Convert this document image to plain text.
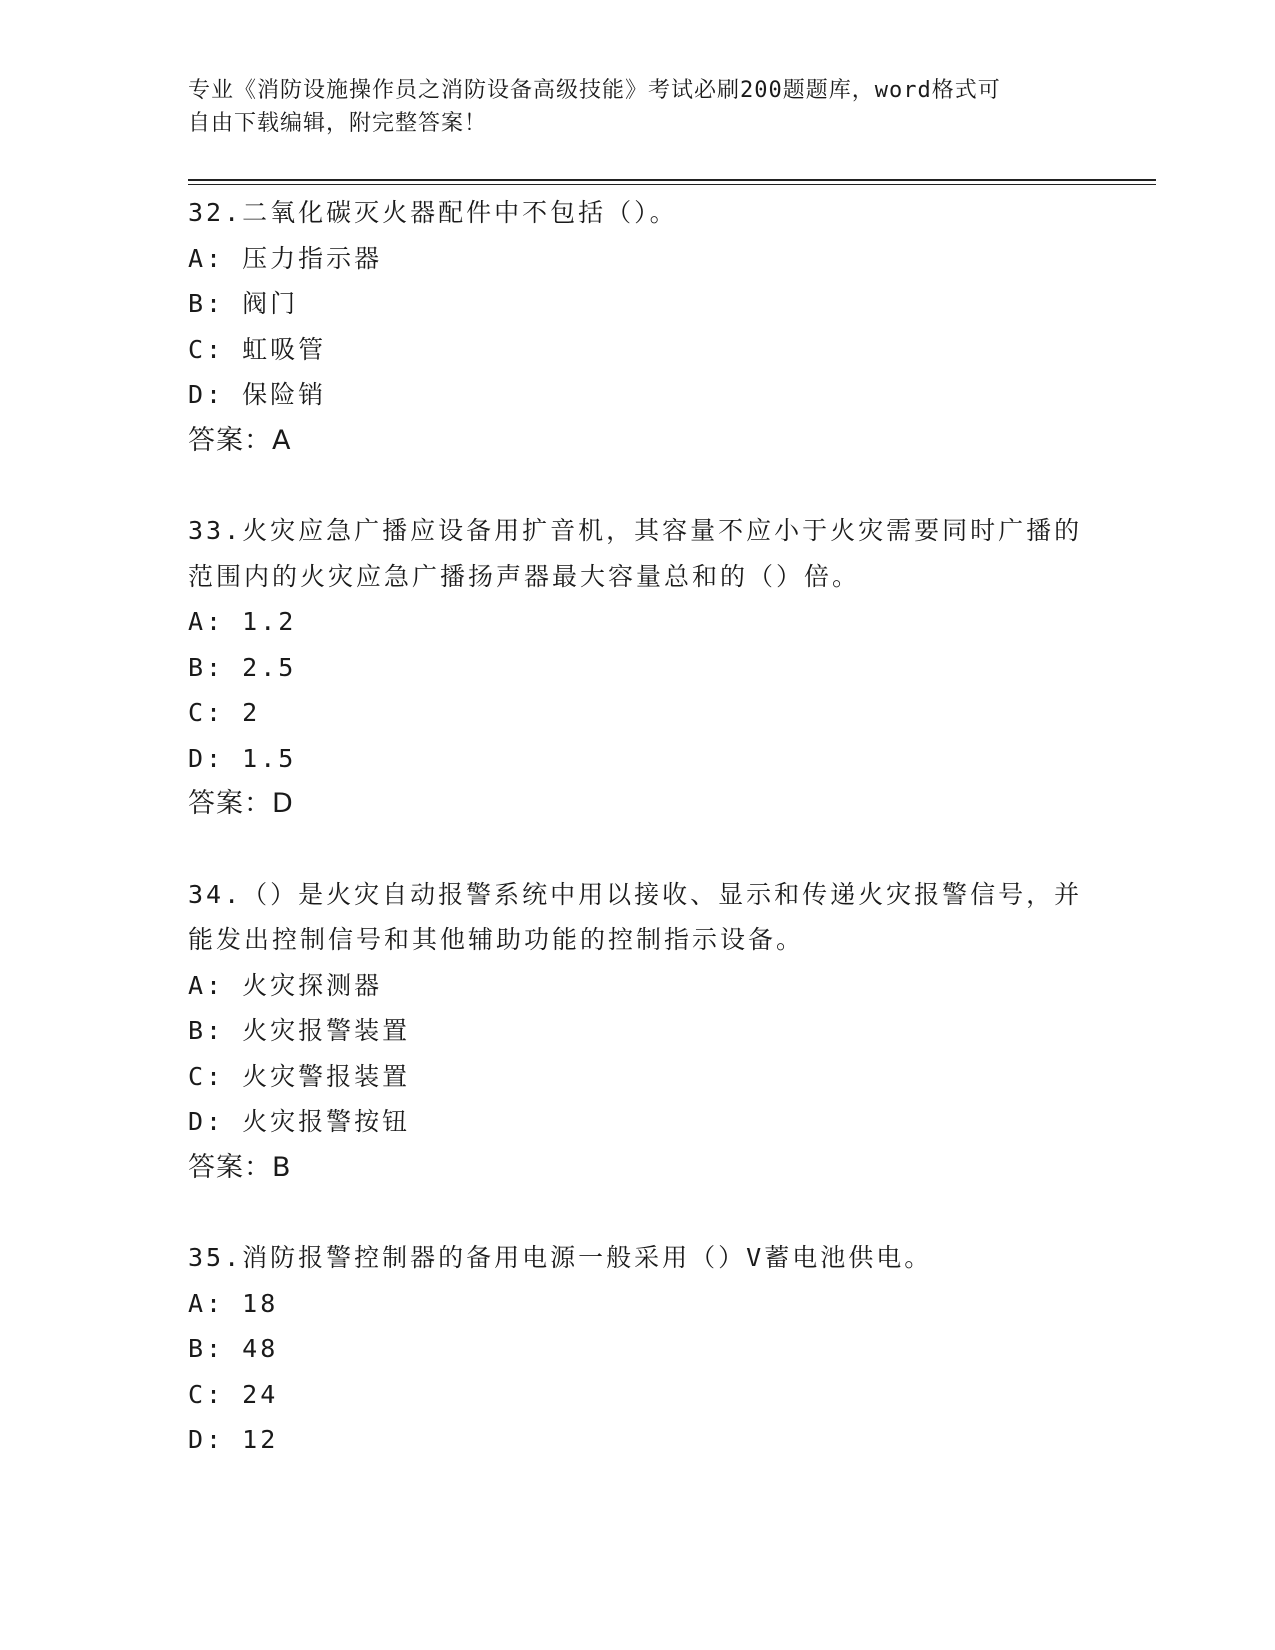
专业《消防设施操作员之消防设备高级技能》考试必刷200题题库，word格式可
自由下载编辑，附完整答案！

32.二氧化碳灭火器配件中不包括（）。

A: 压力指示器

B: 阀门

C: 虹吸管

D: 保险销

答案：A

33.火灾应急广播应设备用扩音机，其容量不应小于火灾需要同时广播的范围内的火灾应急广播扬声器最大容量总和的（）倍。

A: 1.2

B: 2.5

C: 2

D: 1.5

答案：D

34.（）是火灾自动报警系统中用以接收、显示和传递火灾报警信号，并能发出控制信号和其他辅助功能的控制指示设备。

A: 火灾探测器

B: 火灾报警装置

C: 火灾警报装置

D: 火灾报警按钮

答案：B

35.消防报警控制器的备用电源一般采用（）V蓄电池供电。

A: 18

B: 48

C: 24

D: 12
